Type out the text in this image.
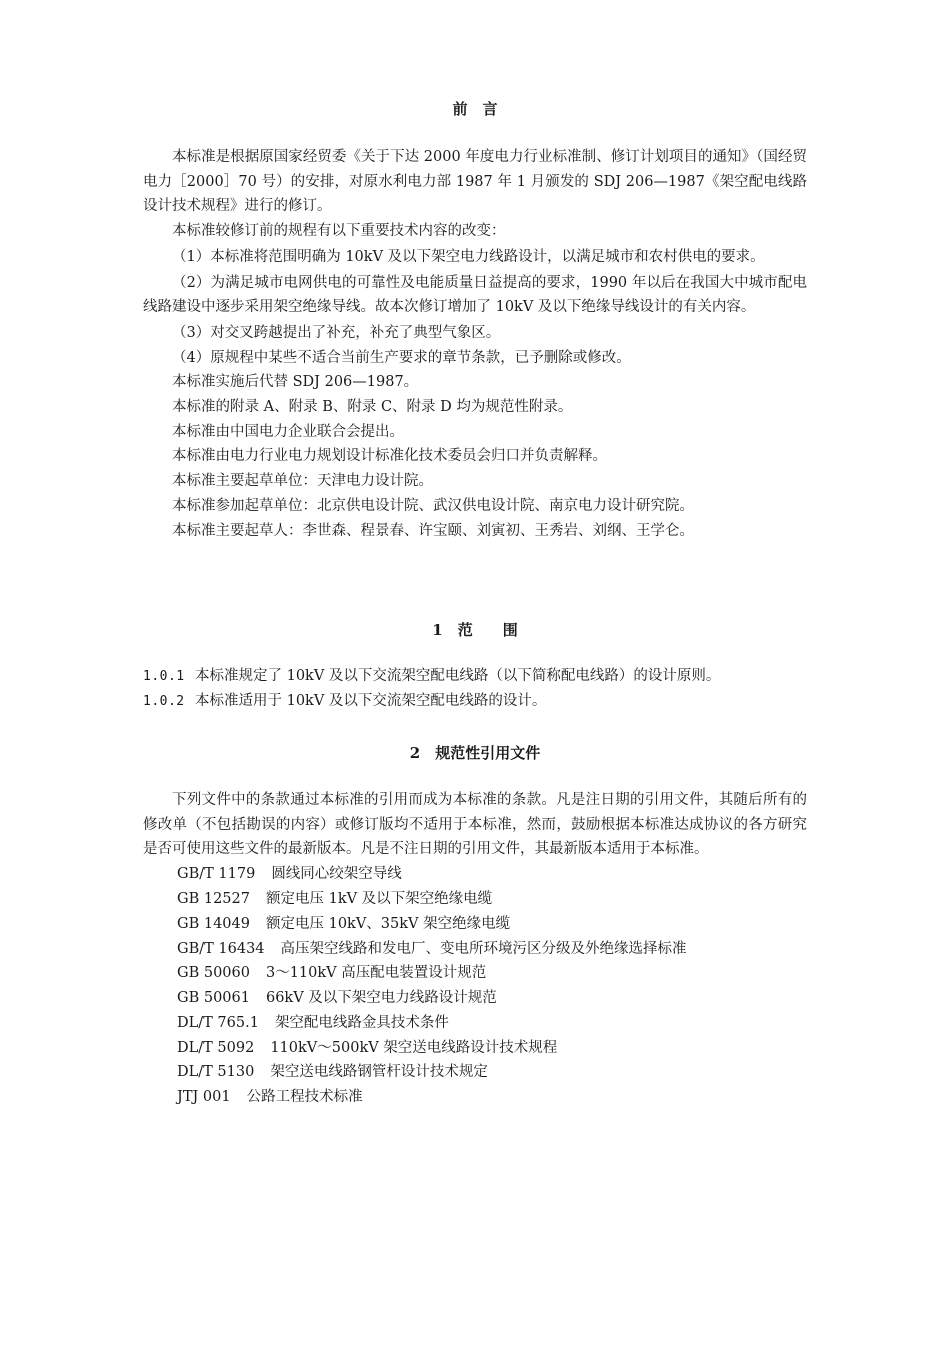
前　言

本标准是根据原国家经贸委《关于下达 2000 年度电力行业标准制、修订计划项目的通知》（国经贸电力［2000］70 号）的安排，对原水利电力部 1987 年 1 月颁发的 SDJ 206—1987《架空配电线路设计技术规程》进行的修订。

本标准较修订前的规程有以下重要技术内容的改变：

（1）本标准将范围明确为 10kV 及以下架空电力线路设计，以满足城市和农村供电的要求。

（2）为满足城市电网供电的可靠性及电能质量日益提高的要求，1990 年以后在我国大中城市配电线路建设中逐步采用架空绝缘导线。故本次修订增加了 10kV 及以下绝缘导线设计的有关内容。

（3）对交叉跨越提出了补充，补充了典型气象区。

（4）原规程中某些不适合当前生产要求的章节条款，已予删除或修改。

本标准实施后代替 SDJ 206—1987。

本标准的附录 A、附录 B、附录 C、附录 D 均为规范性附录。

本标准由中国电力企业联合会提出。

本标准由电力行业电力规划设计标准化技术委员会归口并负责解释。

本标准主要起草单位：天津电力设计院。

本标准参加起草单位：北京供电设计院、武汉供电设计院、南京电力设计研究院。

本标准主要起草人：李世森、程景春、许宝颐、刘寅初、王秀岩、刘纲、王学仑。

1　范　　围
1.0.1 本标准规定了 10kV 及以下交流架空配电线路（以下简称配电线路）的设计原则。
1.0.2 本标准适用于 10kV 及以下交流架空配电线路的设计。
2　规范性引用文件

下列文件中的条款通过本标准的引用而成为本标准的条款。凡是注日期的引用文件，其随后所有的修改单（不包括勘误的内容）或修订版均不适用于本标准，然而，鼓励根据本标准达成协议的各方研究是否可使用这些文件的最新版本。凡是不注日期的引用文件，其最新版本适用于本标准。

GB/T 1179 圆线同心绞架空导线
GB 12527 额定电压 1kV 及以下架空绝缘电缆
GB 14049 额定电压 10kV、35kV 架空绝缘电缆
GB/T 16434 高压架空线路和发电厂、变电所环境污区分级及外绝缘选择标准
GB 50060 3～110kV 高压配电装置设计规范
GB 50061 66kV 及以下架空电力线路设计规范
DL/T 765.1 架空配电线路金具技术条件
DL/T 5092 110kV～500kV 架空送电线路设计技术规程
DL/T 5130 架空送电线路钢管杆设计技术规定
JTJ 001 公路工程技术标准
